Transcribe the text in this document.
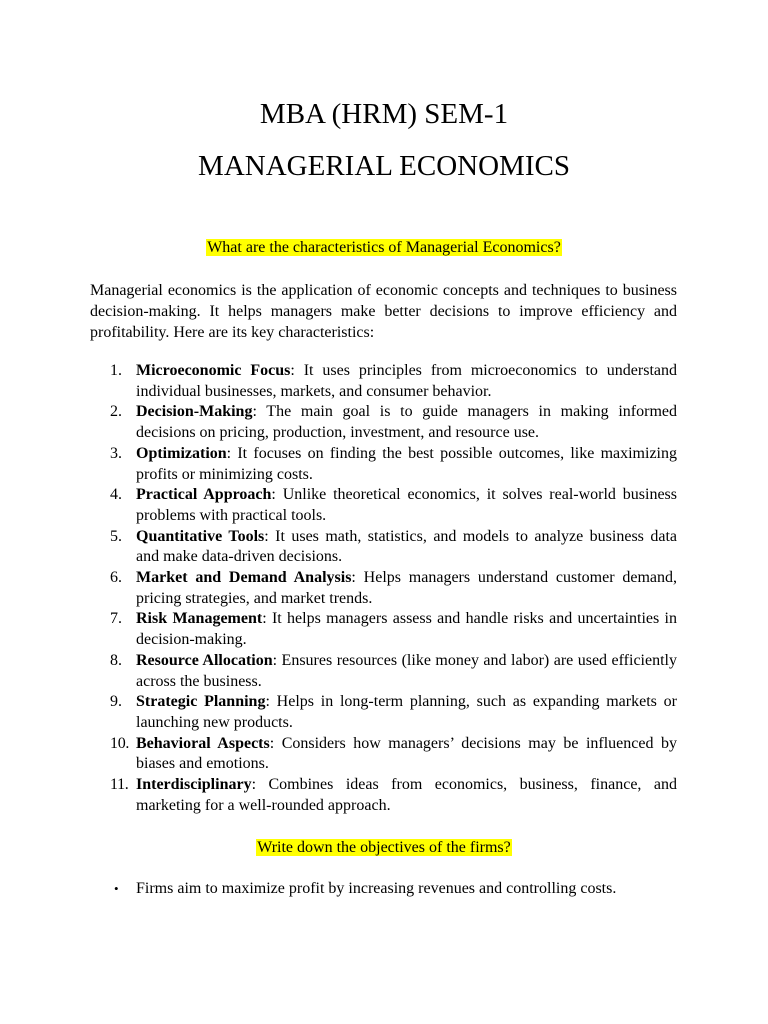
MBA (HRM) SEM-1
MANAGERIAL ECONOMICS
What are the characteristics of Managerial Economics?

Managerial economics is the application of economic concepts and techniques to business decision-making. It helps managers make better decisions to improve efficiency and profitability. Here are its key characteristics:

1. Microeconomic Focus: It uses principles from microeconomics to understand individual businesses, markets, and consumer behavior.
2. Decision-Making: The main goal is to guide managers in making informed decisions on pricing, production, investment, and resource use.
3. Optimization: It focuses on finding the best possible outcomes, like maximizing profits or minimizing costs.
4. Practical Approach: Unlike theoretical economics, it solves real-world business problems with practical tools.
5. Quantitative Tools: It uses math, statistics, and models to analyze business data and make data-driven decisions.
6. Market and Demand Analysis: Helps managers understand customer demand, pricing strategies, and market trends.
7. Risk Management: It helps managers assess and handle risks and uncertainties in decision-making.
8. Resource Allocation: Ensures resources (like money and labor) are used efficiently across the business.
9. Strategic Planning: Helps in long-term planning, such as expanding markets or launching new products.
10. Behavioral Aspects: Considers how managers’ decisions may be influenced by biases and emotions.
11. Interdisciplinary: Combines ideas from economics, business, finance, and marketing for a well-rounded approach.
Write down the objectives of the firms?
• Firms aim to maximize profit by increasing revenues and controlling costs.
